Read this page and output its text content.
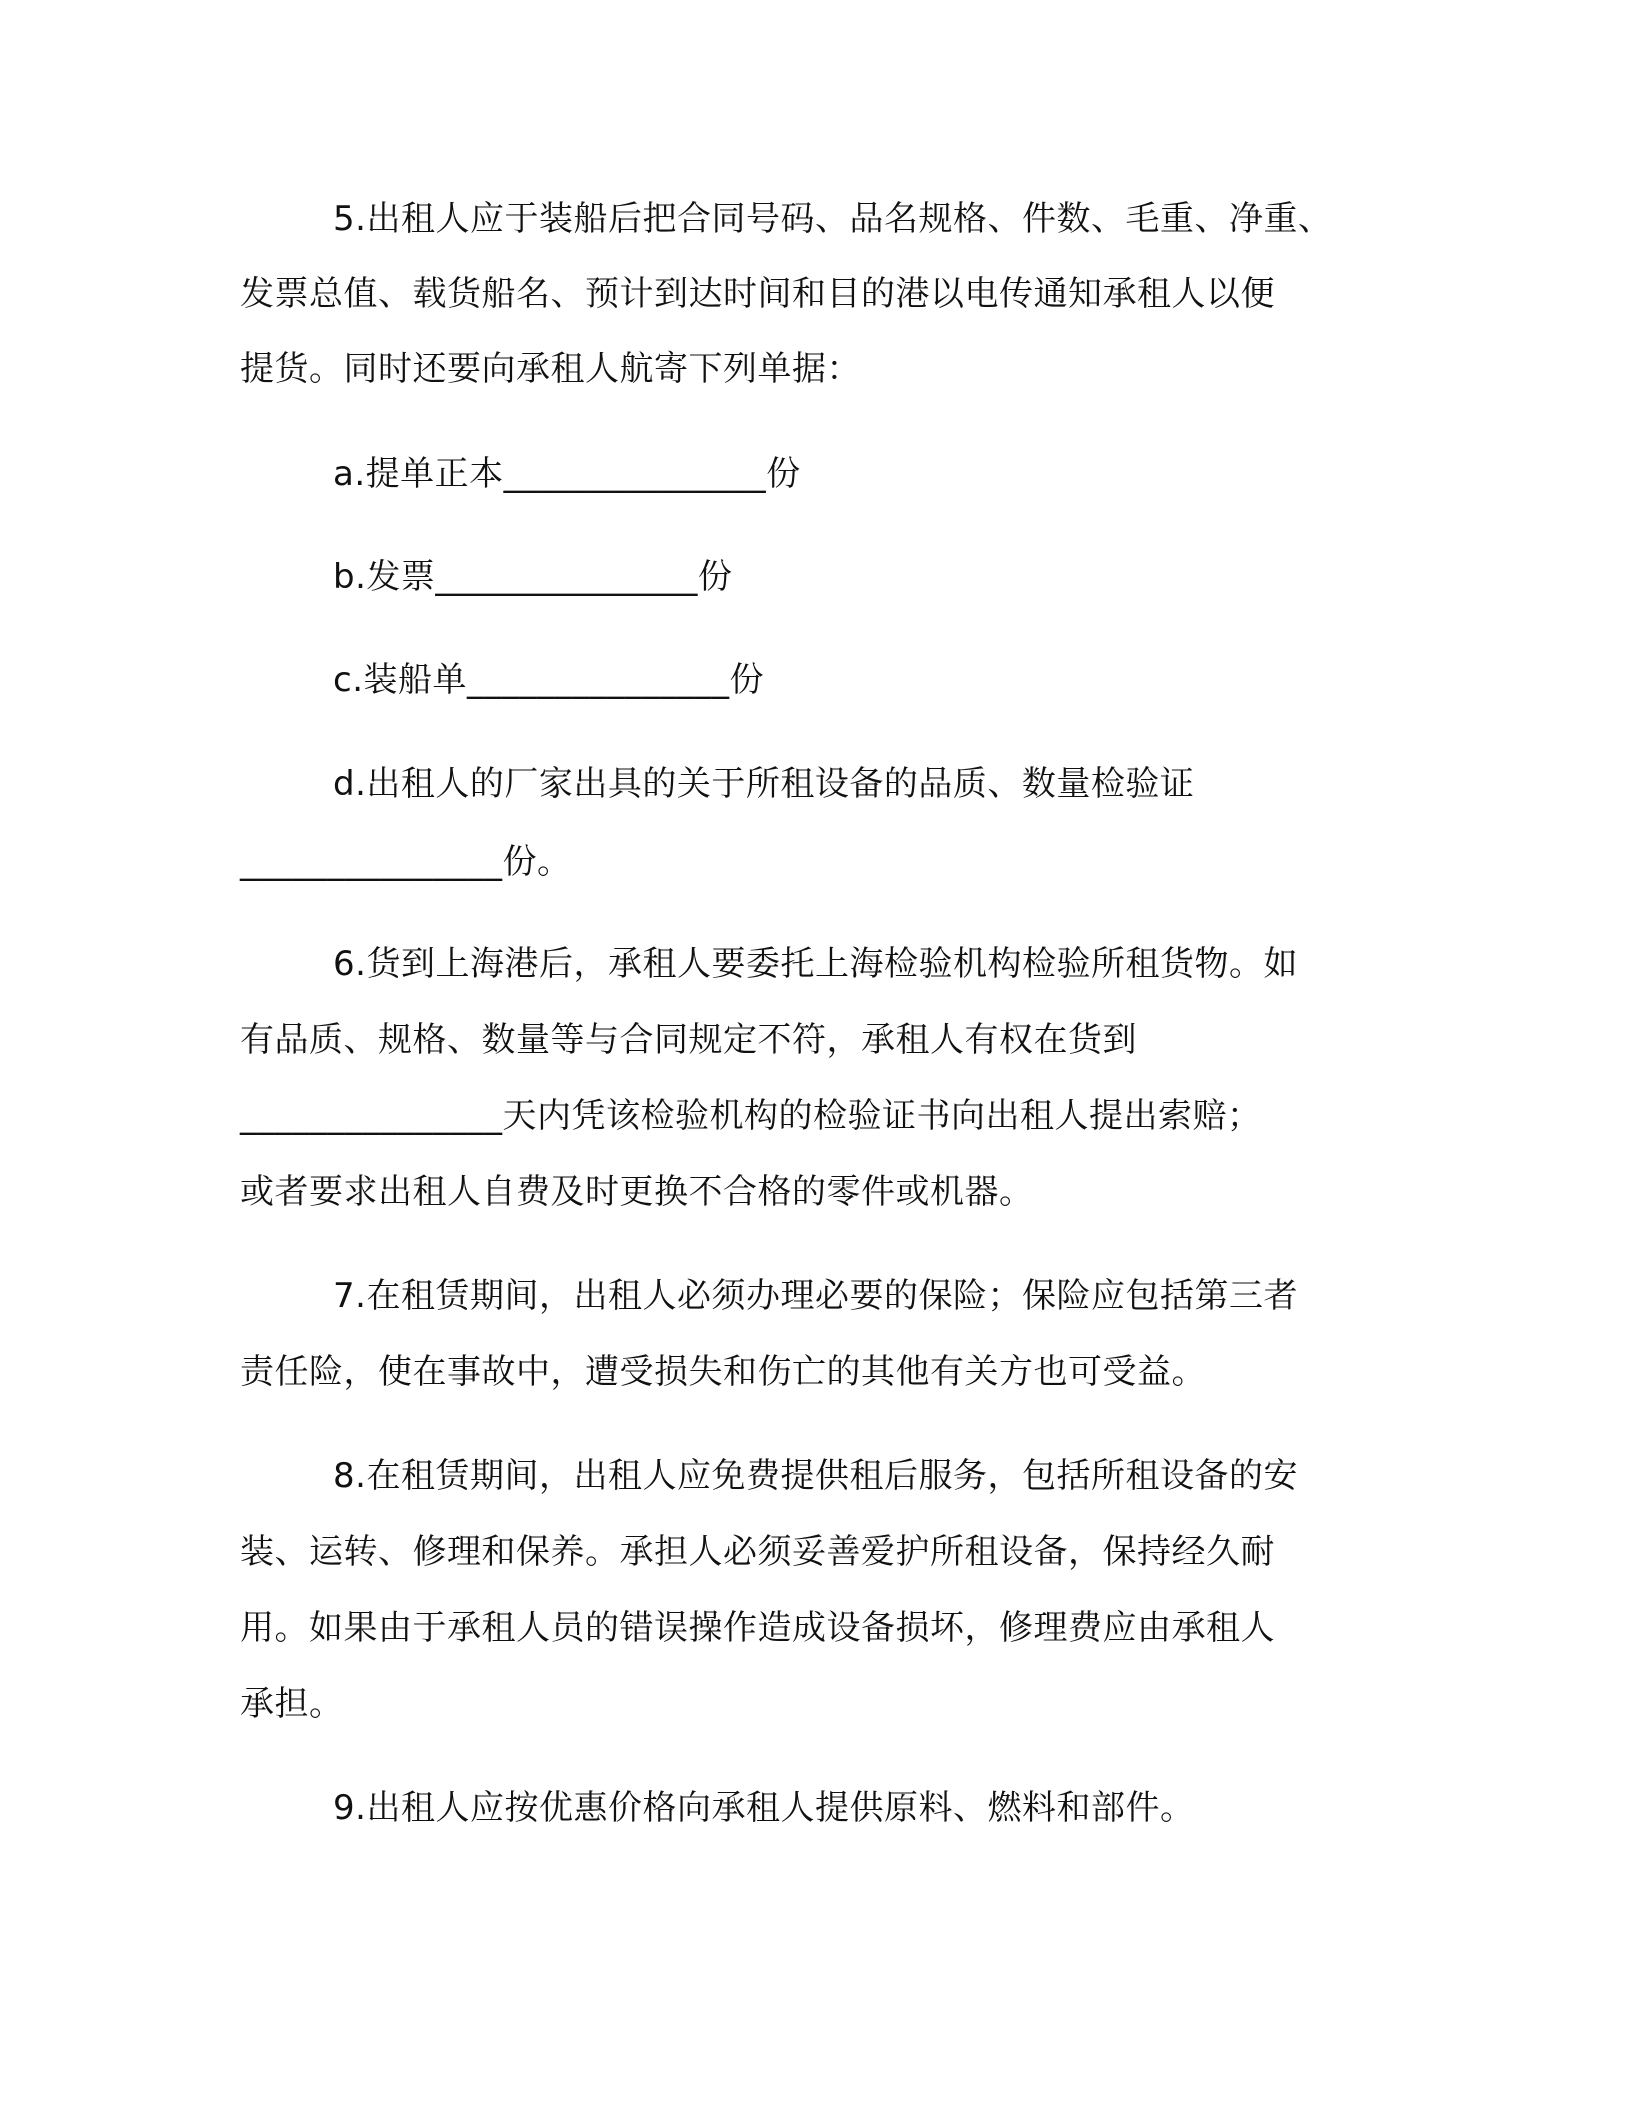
5.出租人应于装船后把合同号码、品名规格、件数、毛重、净重、
发票总值、载货船名、预计到达时间和目的港以电传通知承租人以便
提货。同时还要向承租人航寄下列单据：
a.提单正本_______________份
b.发票_______________份
c.装船单_______________份
d.出租人的厂家出具的关于所租设备的品质、数量检验证
_______________份。
6.货到上海港后，承租人要委托上海检验机构检验所租货物。如
有品质、规格、数量等与合同规定不符，承租人有权在货到
_______________天内凭该检验机构的检验证书向出租人提出索赔；
或者要求出租人自费及时更换不合格的零件或机器。
7.在租赁期间，出租人必须办理必要的保险；保险应包括第三者
责任险，使在事故中，遭受损失和伤亡的其他有关方也可受益。
8.在租赁期间，出租人应免费提供租后服务，包括所租设备的安
装、运转、修理和保养。承担人必须妥善爱护所租设备，保持经久耐
用。如果由于承租人员的错误操作造成设备损坏，修理费应由承租人
承担。
9.出租人应按优惠价格向承租人提供原料、燃料和部件。
